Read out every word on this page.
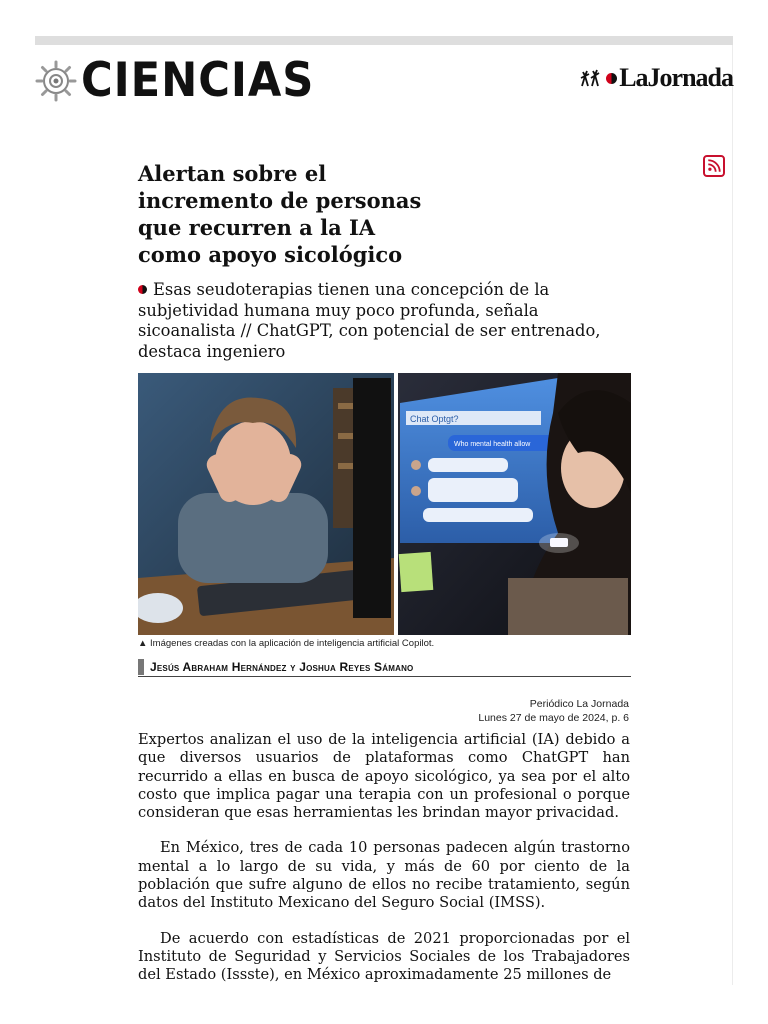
CIENCIAS	LaJornada
Alertan sobre el incremento de personas que recurren a la IA como apoyo sicológico
Esas seudoterapias tienen una concepción de la subjetividad humana muy poco profunda, señala sicoanalista // ChatGPT, con potencial de ser entrenado, destaca ingeniero
Chat Optgt?
Who mental health allow
▲ Imágenes creadas con la aplicación de inteligencia artificial Copilot.
Jesús Abraham Hernández y Joshua Reyes Sámano
Periódico La Jornada
Lunes 27 de mayo de 2024, p. 6

Expertos analizan el uso de la inteligencia artificial (IA) debido a que diversos usuarios de plataformas como ChatGPT han recurrido a ellas en busca de apoyo sicológico, ya sea por el alto costo que implica pagar una terapia con un profesional o porque consideran que esas herramientas les brindan mayor privacidad.

En México, tres de cada 10 personas padecen algún trastorno mental a lo largo de su vida, y más de 60 por ciento de la población que sufre alguno de ellos no recibe tratamiento, según datos del Instituto Mexicano del Seguro Social (IMSS).

De acuerdo con estadísticas de 2021 proporcionadas por el Instituto de Seguridad y Servicios Sociales de los Trabajadores del Estado (Issste), en México aproximadamente 25 millones de
